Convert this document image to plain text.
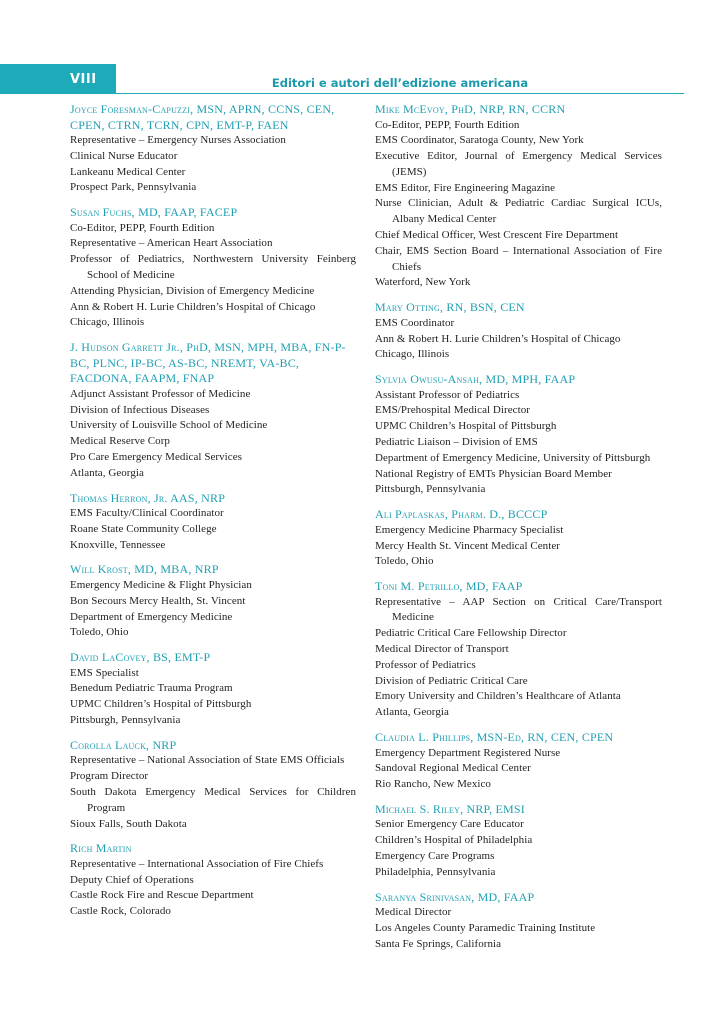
VIII	Editori e autori dell’edizione americana
Joyce Foresman-Capuzzi, MSN, APRN, CCNS, CEN, CPEN, CTRN, TCRN, CPN, EMT-P, FAEN
Representative – Emergency Nurses Association
Clinical Nurse Educator
Lankeanu Medical Center
Prospect Park, Pennsylvania
Susan Fuchs, MD, FAAP, FACEP
Co-Editor, PEPP, Fourth Edition
Representative – American Heart Association
Professor of Pediatrics, Northwestern University Feinberg School of Medicine
Attending Physician, Division of Emergency Medicine
Ann & Robert H. Lurie Children’s Hospital of Chicago
Chicago, Illinois
J. Hudson Garrett Jr., PhD, MSN, MPH, MBA, FN-P-BC, PLNC, IP-BC, AS-BC, NREMT, VA-BC, FACDONA, FAAPM, FNAP
Adjunct Assistant Professor of Medicine
Division of Infectious Diseases
University of Louisville School of Medicine
Medical Reserve Corp
Pro Care Emergency Medical Services
Atlanta, Georgia
Thomas Herron, Jr. AAS, NRP
EMS Faculty/Clinical Coordinator
Roane State Community College
Knoxville, Tennessee
Will Krost, MD, MBA, NRP
Emergency Medicine & Flight Physician
Bon Secours Mercy Health, St. Vincent
Department of Emergency Medicine
Toledo, Ohio
David LaCovey, BS, EMT-P
EMS Specialist
Benedum Pediatric Trauma Program
UPMC Children’s Hospital of Pittsburgh
Pittsburgh, Pennsylvania
Corolla Lauck, NRP
Representative – National Association of State EMS Officials
Program Director
South Dakota Emergency Medical Services for Children Program
Sioux Falls, South Dakota
Rich Martin
Representative – International Association of Fire Chiefs
Deputy Chief of Operations
Castle Rock Fire and Rescue Department
Castle Rock, Colorado
Mike McEvoy, PhD, NRP, RN, CCRN
Co-Editor, PEPP, Fourth Edition
EMS Coordinator, Saratoga County, New York
Executive Editor, Journal of Emergency Medical Services (JEMS)
EMS Editor, Fire Engineering Magazine
Nurse Clinician, Adult & Pediatric Cardiac Surgical ICUs, Albany Medical Center
Chief Medical Officer, West Crescent Fire Department
Chair, EMS Section Board – International Association of Fire Chiefs
Waterford, New York
Mary Otting, RN, BSN, CEN
EMS Coordinator
Ann & Robert H. Lurie Children’s Hospital of Chicago
Chicago, Illinois
Sylvia Owusu-Ansah, MD, MPH, FAAP
Assistant Professor of Pediatrics
EMS/Prehospital Medical Director
UPMC Children’s Hospital of Pittsburgh
Pediatric Liaison – Division of EMS
Department of Emergency Medicine, University of Pittsburgh
National Registry of EMTs Physician Board Member
Pittsburgh, Pennsylvania
Ali Paplaskas, Pharm. D., BCCCP
Emergency Medicine Pharmacy Specialist
Mercy Health St. Vincent Medical Center
Toledo, Ohio
Toni M. Petrillo, MD, FAAP
Representative – AAP Section on Critical Care/Transport Medicine
Pediatric Critical Care Fellowship Director
Medical Director of Transport
Professor of Pediatrics
Division of Pediatric Critical Care
Emory University and Children’s Healthcare of Atlanta
Atlanta, Georgia
Claudia L. Phillips, MSN-Ed, RN, CEN, CPEN
Emergency Department Registered Nurse
Sandoval Regional Medical Center
Rio Rancho, New Mexico
Michael S. Riley, NRP, EMSI
Senior Emergency Care Educator
Children’s Hospital of Philadelphia
Emergency Care Programs
Philadelphia, Pennsylvania
Saranya Srinivasan, MD, FAAP
Medical Director
Los Angeles County Paramedic Training Institute
Santa Fe Springs, California
